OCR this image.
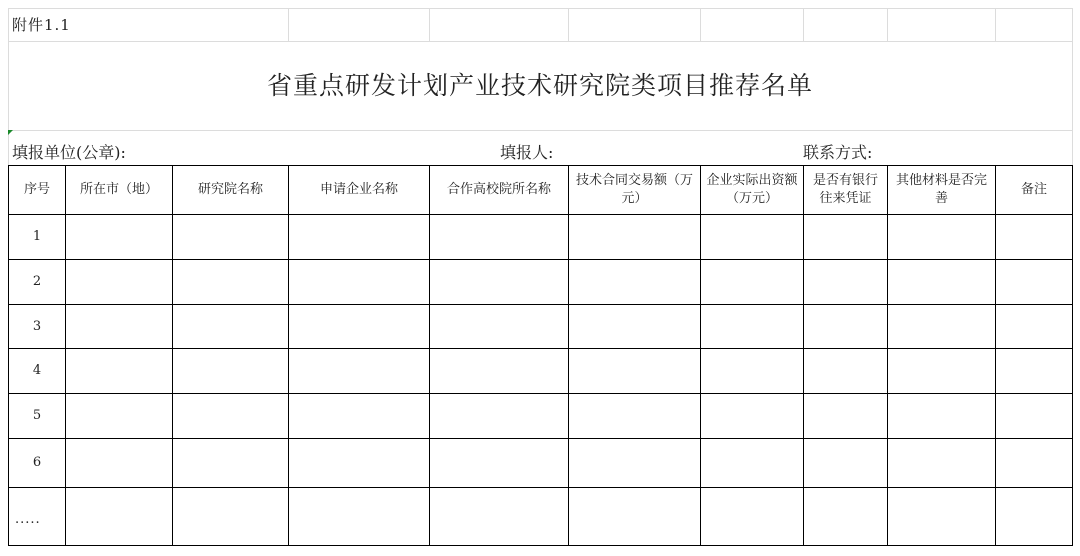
附件1.1
省重点研发计划产业技术研究院类项目推荐名单
填报单位(公章):	填报人:	联系方式:
序号	所在市（地）	研究院名称	申请企业名称	合作高校院所名称	技术合同交易额（万元）	企业实际出资额（万元）	是否有银行往来凭证	其他材料是否完善	备注
1									
2									
3									
4									
5									
6									
.....									
